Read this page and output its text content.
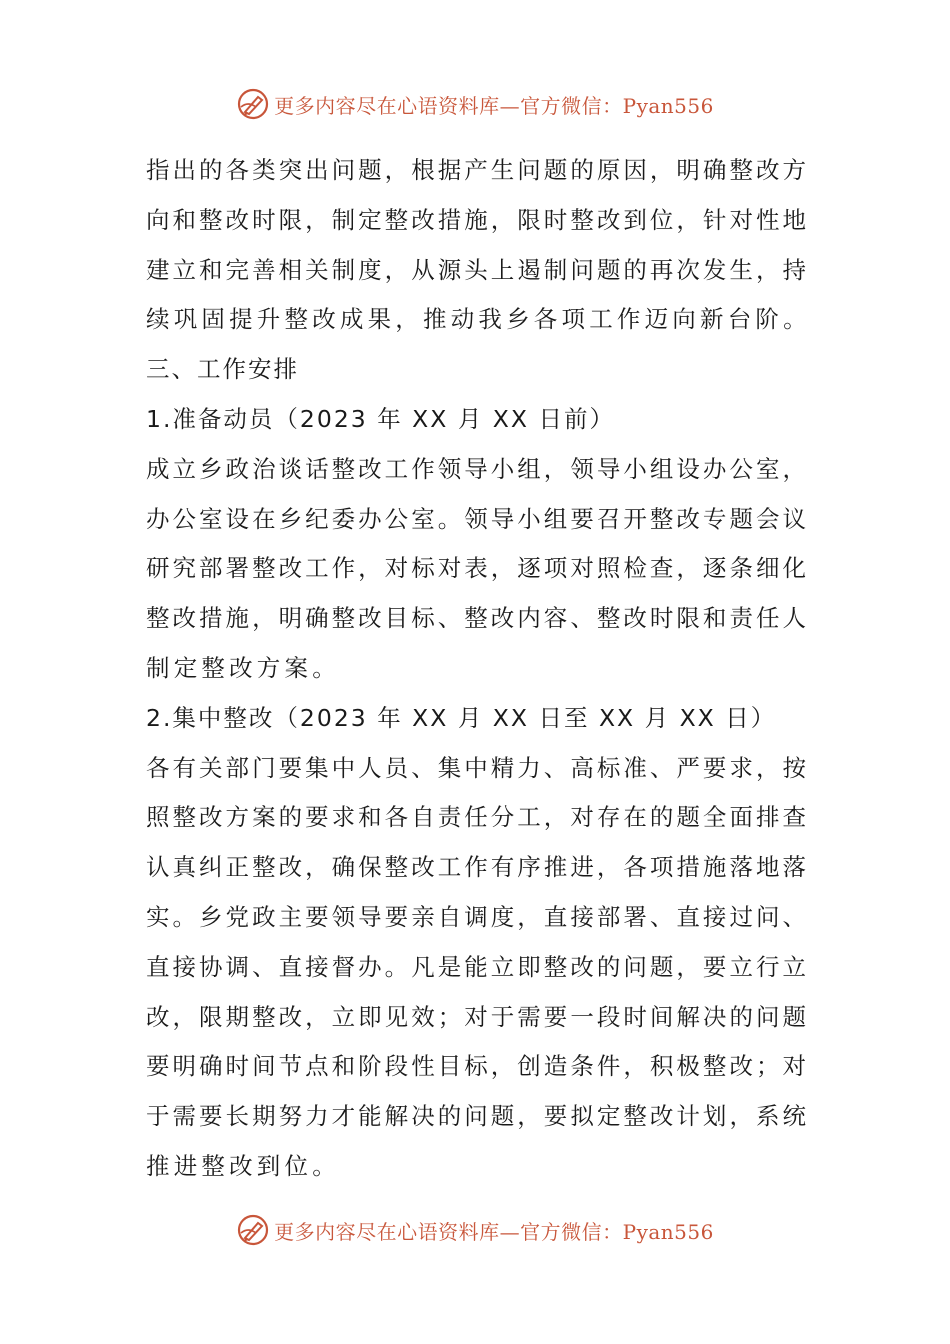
更多内容尽在心语资料库—官方微信：Pyan556
指出的各类突出问题，根据产生问题的原因，明确整改方
向和整改时限，制定整改措施，限时整改到位，针对性地
建立和完善相关制度，从源头上遏制问题的再次发生，持
续巩固提升整改成果，推动我乡各项工作迈向新台阶。
三、工作安排
1.准备动员（2023 年 XX 月 XX 日前）
成立乡政治谈话整改工作领导小组，领导小组设办公室，
办公室设在乡纪委办公室。领导小组要召开整改专题会议
研究部署整改工作，对标对表，逐项对照检查，逐条细化
整改措施，明确整改目标、整改内容、整改时限和责任人
制定整改方案。
2.集中整改（2023 年 XX 月 XX 日至 XX 月 XX 日）
各有关部门要集中人员、集中精力、高标准、严要求，按
照整改方案的要求和各自责任分工，对存在的题全面排查
认真纠正整改，确保整改工作有序推进，各项措施落地落
实。乡党政主要领导要亲自调度，直接部署、直接过问、
直接协调、直接督办。凡是能立即整改的问题，要立行立
改，限期整改，立即见效；对于需要一段时间解决的问题
要明确时间节点和阶段性目标，创造条件，积极整改；对
于需要长期努力才能解决的问题，要拟定整改计划，系统
推进整改到位。
更多内容尽在心语资料库—官方微信：Pyan556
